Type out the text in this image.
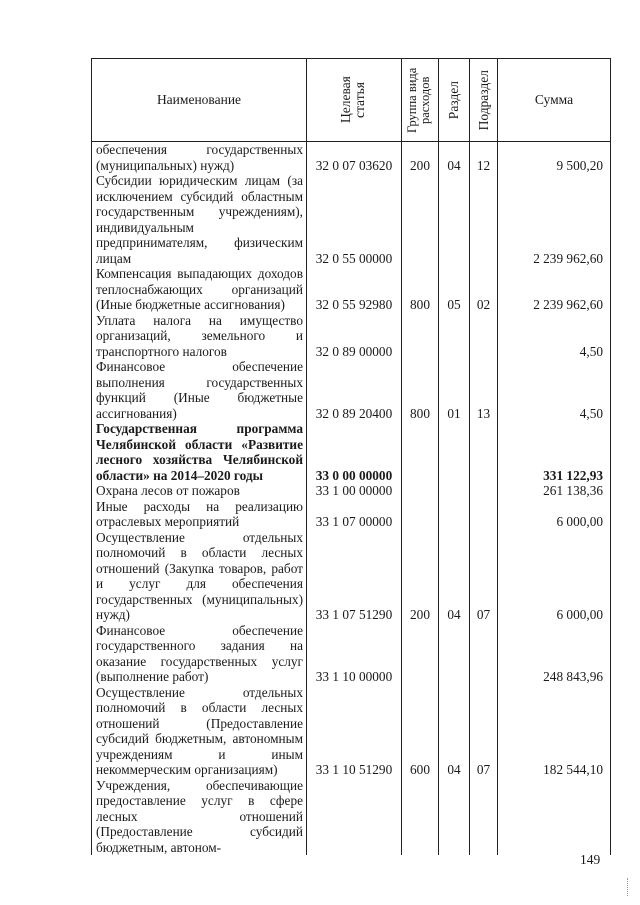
Наименование	Целевая статья	Группа вида расходов	Раздел	Подраздел	Сумма
обеспечения государственных (муниципальных) нужд)	32 0 07 03620	200	04	12	9 500,20
Субсидии юридическим лицам (за исключением субсидий областным государственным учреждениям), индивидуальным предпринимателям, физическим лицам	32 0 55 00000				2 239 962,60
Компенсация выпадающих доходов теплоснабжающих организаций (Иные бюджетные ассигнования)	32 0 55 92980	800	05	02	2 239 962,60
Уплата налога на имущество организаций, земельного и транспортного налогов	32 0 89 00000				4,50
Финансовое обеспечение выполнения государственных функций (Иные бюджетные ассигнования)	32 0 89 20400	800	01	13	4,50
Государственная программа Челябинской области «Развитие лесного хозяйства Челябинской области» на 2014–2020 годы	33 0 00 00000				331 122,93
Охрана лесов от пожаров	33 1 00 00000				261 138,36
Иные расходы на реализацию отраслевых мероприятий	33 1 07 00000				6 000,00
Осуществление отдельных полномочий в области лесных отношений (Закупка товаров, работ и услуг для обеспечения государственных (муниципальных) нужд)	33 1 07 51290	200	04	07	6 000,00
Финансовое обеспечение государственного задания на оказание государственных услуг (выполнение работ)	33 1 10 00000				248 843,96
Осуществление отдельных полномочий в области лесных отношений (Предоставление субсидий бюджетным, автономным учреждениям и иным некоммерческим организациям)	33 1 10 51290	600	04	07	182 544,10
Учреждения, обеспечивающие предоставление услуг в сфере лесных отношений (Предоставление субсидий бюджетным, автоном-					
149
